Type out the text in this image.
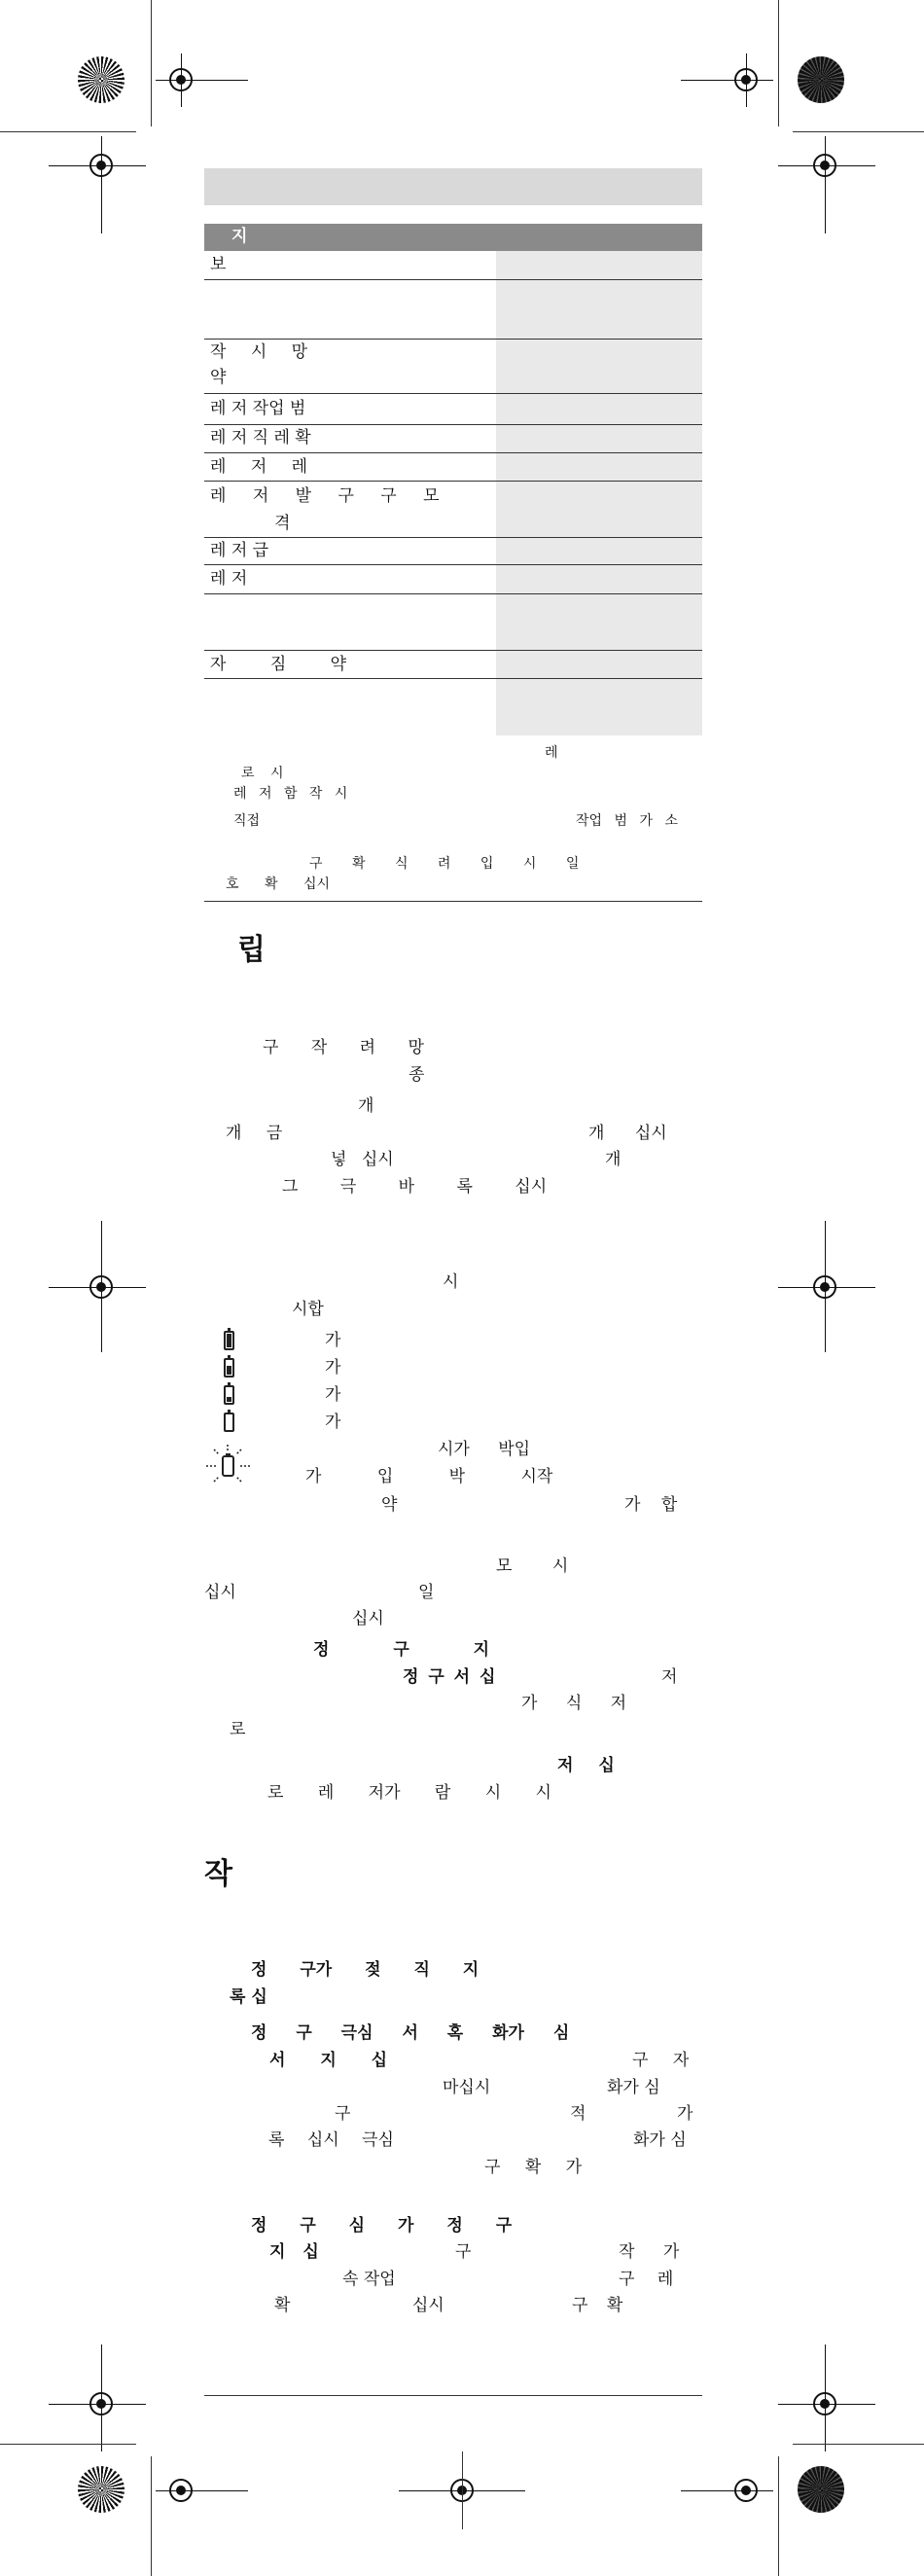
지
보
작 시 망
약
레 저 작업 범
레 저 직 레 확
레 저 레
레 저 발 구 구 모
격
레 저 급
레 저
자 짐 약
레
로 시
레 저 함 작 시
직접	작업 범 가 소
구 확 식 려 입 시 일
호 확 십시
립
구 작 려 망
종
개
개 금	개 십시
넣 십시	개
그 극 바 록 십시
시
시합
가
가
가
가
시가 박입
가 입 박 시작
약	가 합
모 시
십시	일
십시
정 구 지
정 구 서 십	저
가 식 저
로
저 십
로 레 저가 람 시 시
작
정 구가 젖 직 지
록 십
정 구 극심 서 혹 화가 심
서 지 십	구 자
마십시	화가 심
구	적	가
록 십시 극심	화가 심
구 확 가
정 구 심 가 정 구
지 십	구	작 가
속 작업	구 레
확 십시	구 확
